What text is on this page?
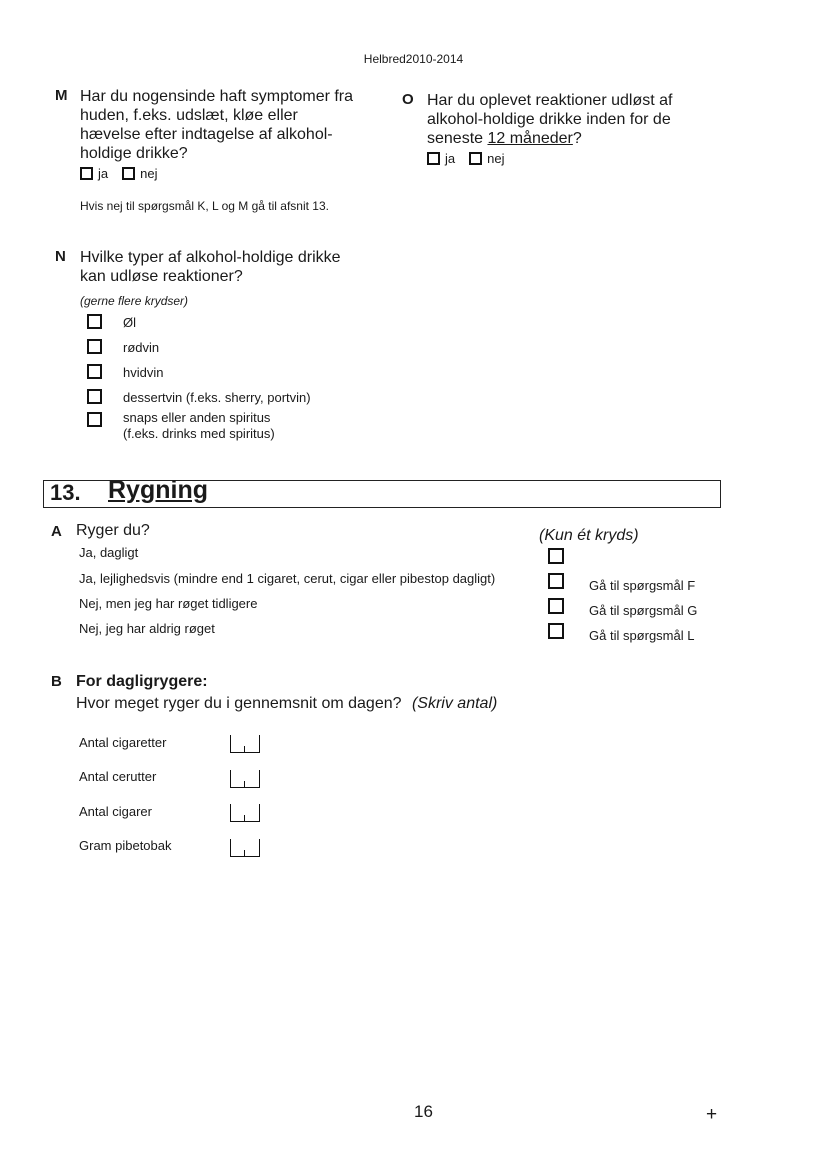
Helbred2010-2014
M Har du nogensinde haft symptomer fra
huden, f.eks. udslæt, kløe eller
hævelse efter indtagelse af alkohol-
holdige drikke?
ja nej
Hvis nej til spørgsmål K, L og M gå til afsnit 13.
O Har du oplevet reaktioner udløst af
alkohol-holdige drikke inden for de
seneste 12 måneder?
ja nej
N Hvilke typer af alkohol-holdige drikke
kan udløse reaktioner?
(gerne flere krydser)
Øl
rødvin
hvidvin
dessertvin (f.eks. sherry, portvin)
snaps eller anden spiritus
(f.eks. drinks med spiritus)
13. Rygning
A Ryger du?	(Kun ét kryds)
Ja, dagligt
Ja, lejlighedsvis (mindre end 1 cigaret, cerut, cigar eller pibestop dagligt)	Gå til spørgsmål F
Nej, men jeg har røget tidligere	Gå til spørgsmål G
Nej, jeg har aldrig røget	Gå til spørgsmål L
B For dagligrygere:
Hvor meget ryger du i gennemsnit om dagen? (Skriv antal)
Antal cigaretter
Antal cerutter
Antal cigarer
Gram pibetobak
16	+
